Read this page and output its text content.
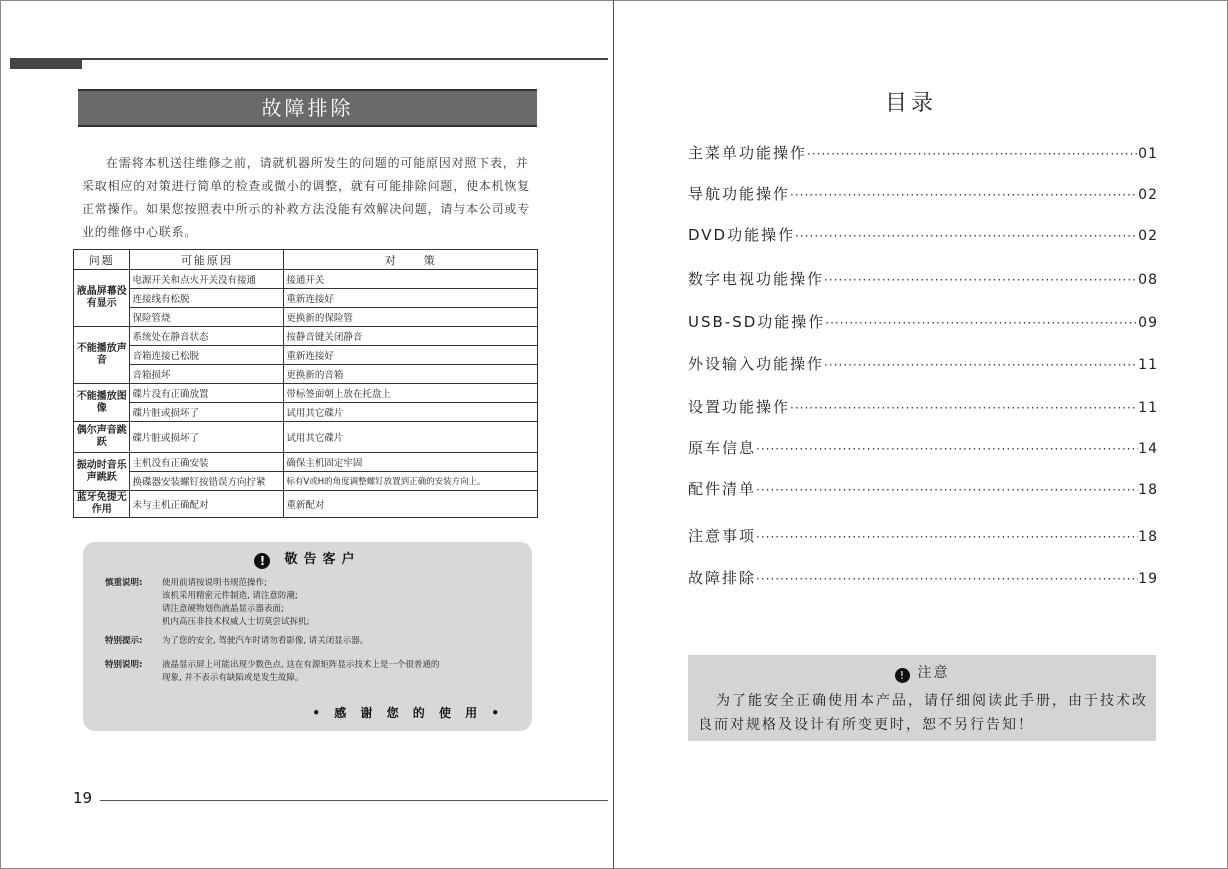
故障排除
在需将本机送往维修之前，请就机器所发生的问题的可能原因对照下表，并采取相应的对策进行简单的检查或微小的调整，就有可能排除问题，使本机恢复正常操作。如果您按照表中所示的补救方法没能有效解决问题，请与本公司或专业的维修中心联系。
问题	可能原因	对　　策
液晶屏幕没有显示	电源开关和点火开关没有接通	接通开关
	连接线有松脱	重新连接好
	保险管烧	更换新的保险管
不能播放声音	系统处在静音状态	按静音键关闭静音
	音箱连接已松脱	重新连接好
	音箱损坏	更换新的音箱
不能播放图像	碟片没有正确放置	带标签面朝上放在托盘上
	碟片脏或损坏了	试用其它碟片
偶尔声音跳跃	碟片脏或损坏了	试用其它碟片
振动时音乐声跳跃	主机没有正确安装	确保主机固定牢固
	换碟器安装螺钉按错误方向拧紧	标有V或H的角度调整螺钉放置到正确的安装方向上。
蓝牙免提无作用	未与主机正确配对	重新配对
! 敬告客户
慎重说明:	使用前请按说明书规范操作;
该机采用精密元件制造, 请注意防潮;
请注意硬物划伤液晶显示器表面;
机内高压非技术权威人士切莫尝试拆机;
特别提示:	为了您的安全, 驾驶汽车时请勿看影像, 请关闭显示器。
特别说明:	液晶显示屏上可能出现少数色点, 这在有源矩阵显示技术上是一个很普通的
现象, 并不表示有缺陷或是发生故障。
• 感 谢 您 的 使 用 •
19
目录
主菜单功能操作 ·····	01
导航功能操作 ·····	02
DVD功能操作 ·····	02
数字电视功能操作 ·····	08
USB-SD功能操作 ·····	09
外设输入功能操作 ·····	11
设置功能操作 ·····	11
原车信息 ·····	14
配件清单 ·····	18
注意事项 ·····	18
故障排除 ·····	19
! 注意
为了能安全正确使用本产品，请仔细阅读此手册，由于技术改良而对规格及设计有所变更时，恕不另行告知！
